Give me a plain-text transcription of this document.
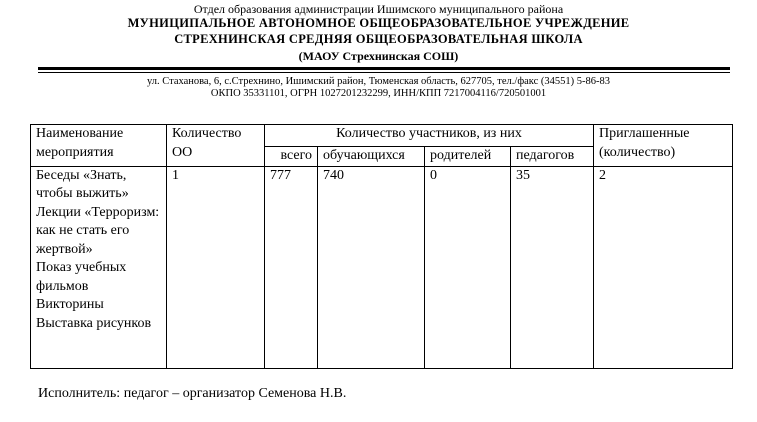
Отдел образования администрации Ишимского муниципального района
МУНИЦИПАЛЬНОЕ АВТОНОМНОЕ ОБЩЕОБРАЗОВАТЕЛЬНОЕ УЧРЕЖДЕНИЕ
СТРЕХНИНСКАЯ СРЕДНЯЯ ОБЩЕОБРАЗОВАТЕЛЬНАЯ ШКОЛА
(МАОУ Стрехнинская СОШ)
ул. Стаханова, 6, с.Стрехнино, Ишимский район, Тюменская область, 627705, тел./факс (34551) 5-86-83
ОКПО 35331101, ОГРН 1027201232299, ИНН/КПП 7217004116/720501001
Наименование мероприятия	Количество ОО	Количество участников, из них				Приглашенные (количество)
		всего	обучающихся	родителей	педагогов	

Беседы «Знать, чтобы выжить»
Лекции «Терроризм: как не стать его жертвой»
Показ учебных фильмов
Викторины
Выставка рисунков	1	777	740	0	35	2
Исполнитель: педагог – организатор Семенова Н.В.
